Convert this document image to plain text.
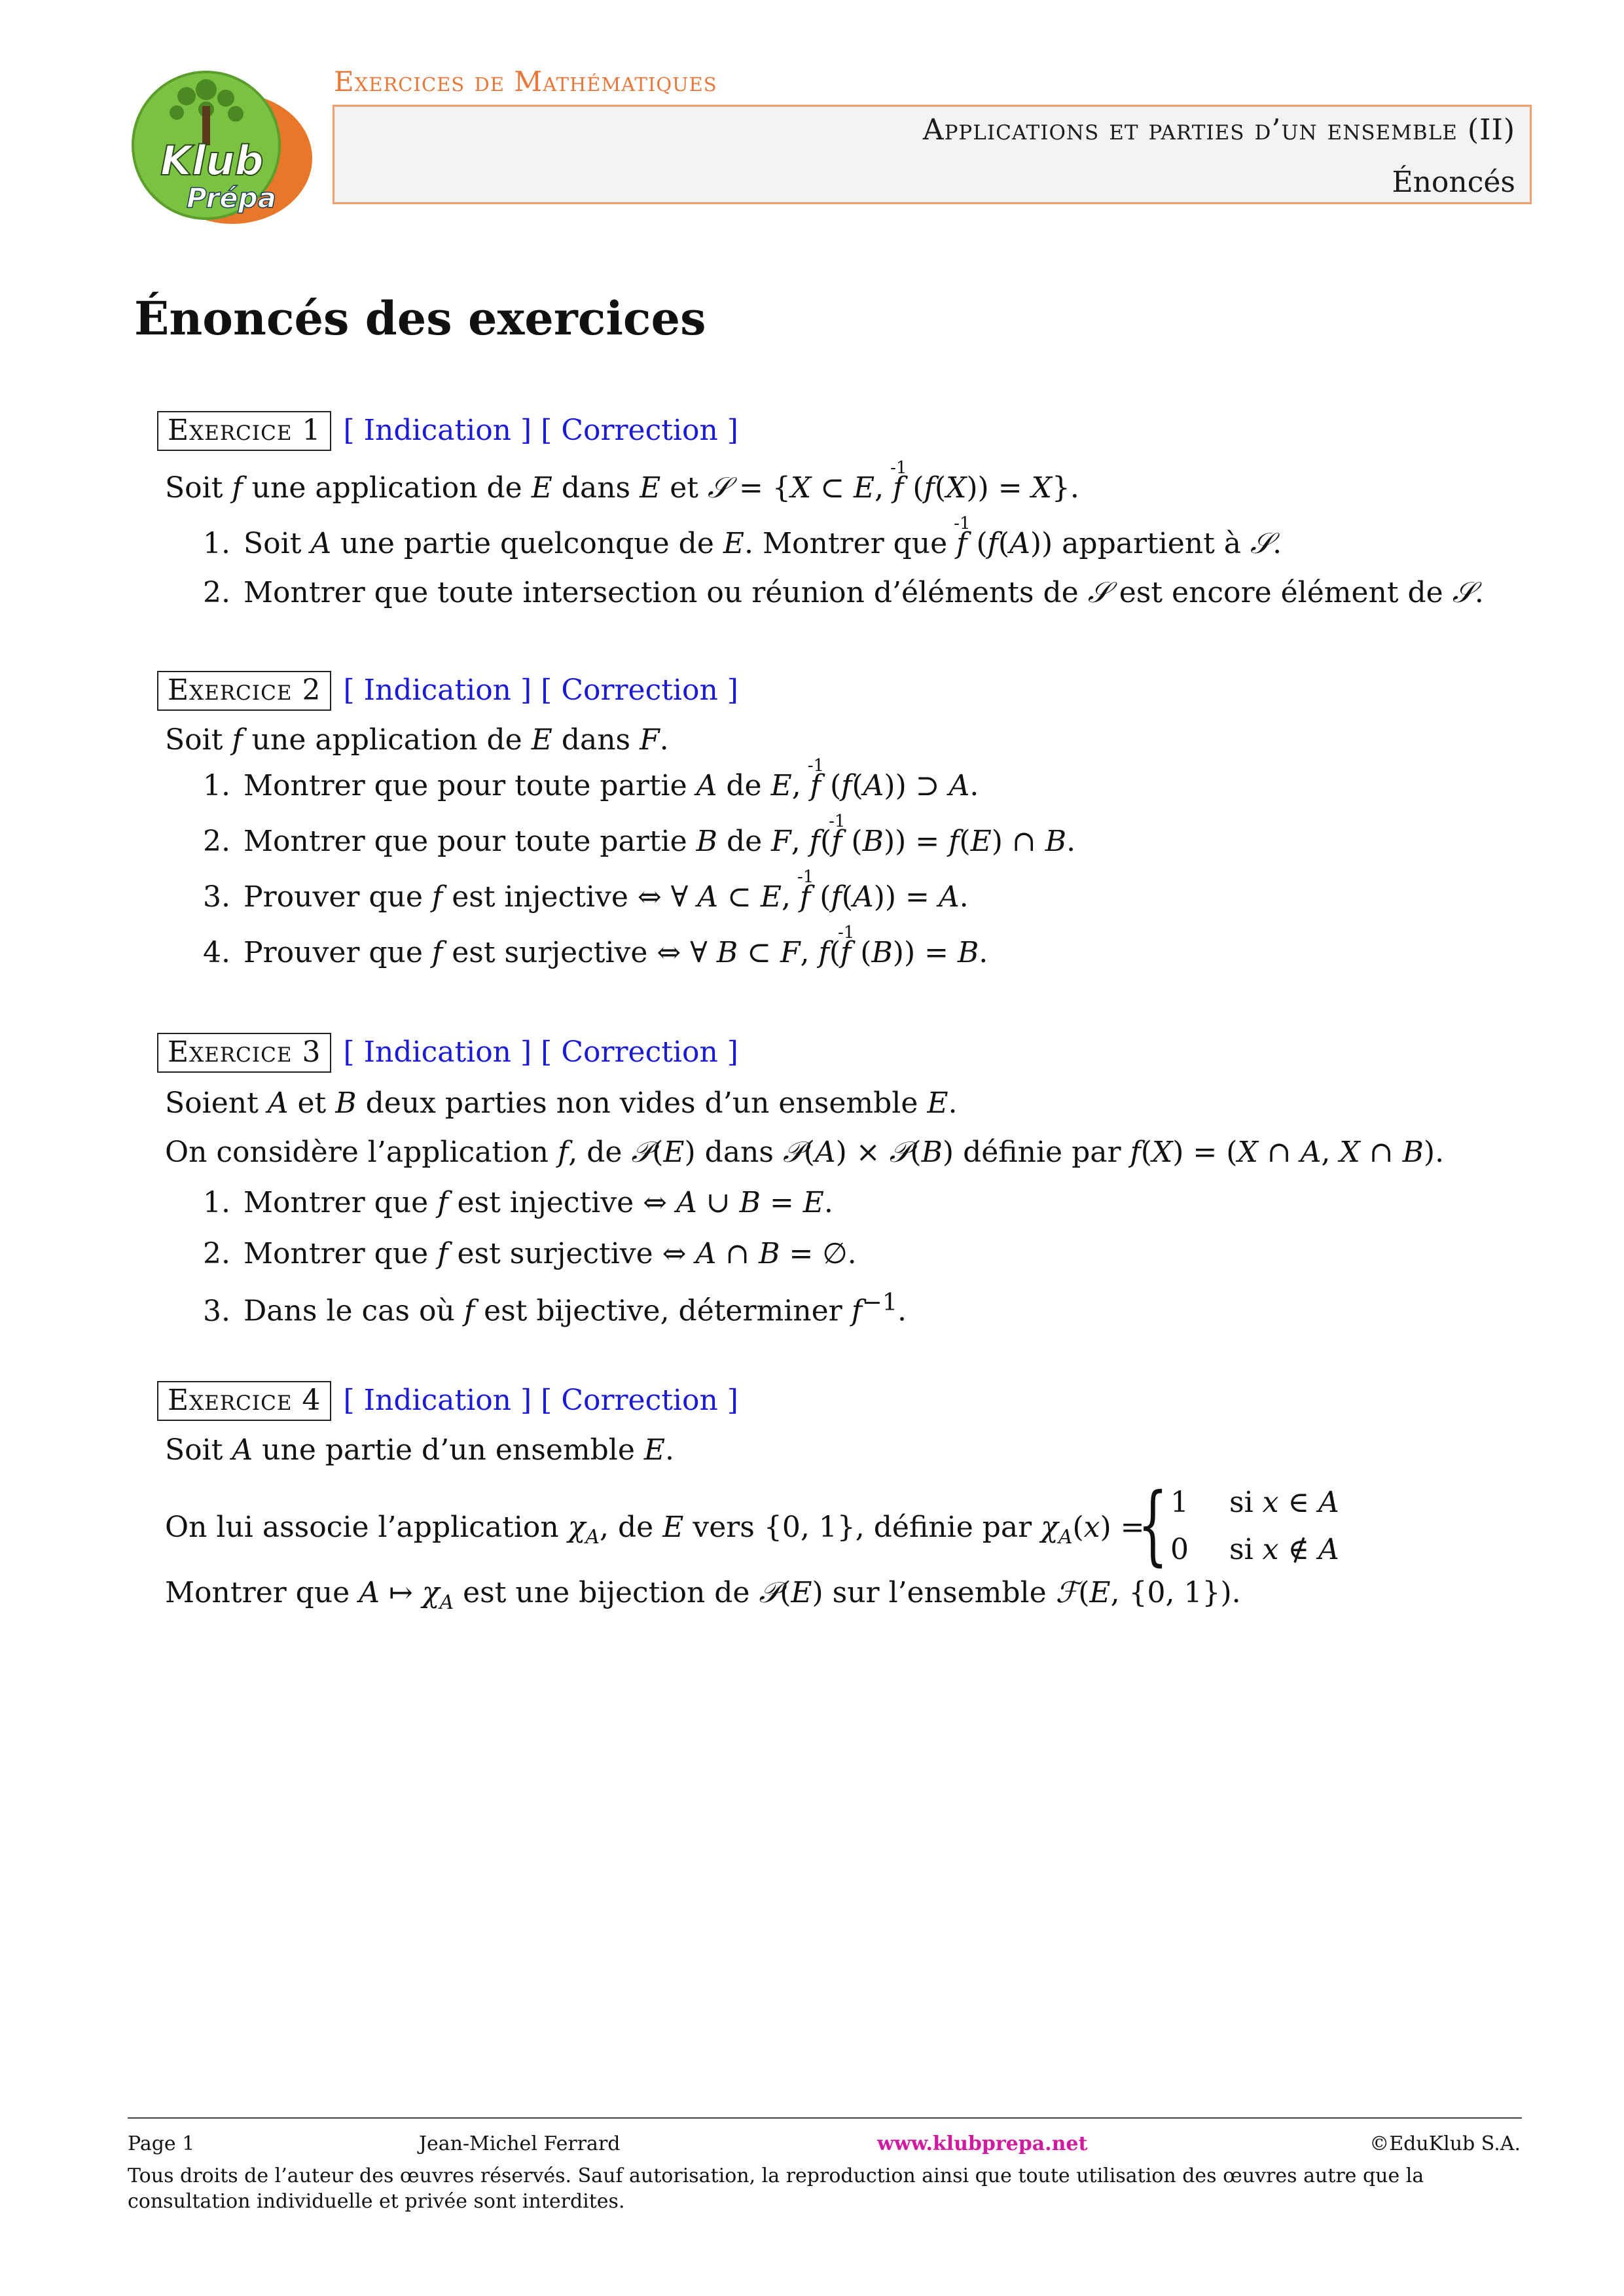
Klub
Prépa
Exercices de Mathématiques
Applications et parties d’un ensemble (II)
Énoncés
Énoncés des exercices
Exercice 1 [ Indication ] [ Correction ]
Soit f une application de E dans E et 𝒮 = {X ⊂ E, f
-1
(f(X)) = X}.
1. Soit A une partie quelconque de E. Montrer que f
-1
(f(A)) appartient à 𝒮.
2. Montrer que toute intersection ou réunion d’éléments de 𝒮 est encore élément de 𝒮.
Exercice 2 [ Indication ] [ Correction ]
Soit f une application de E dans F.
1. Montrer que pour toute partie A de E, f
-1
(f(A)) ⊃ A.
2. Montrer que pour toute partie B de F, f(f
-1
(B)) = f(E) ∩ B.
3. Prouver que f est injective ⇔ ∀ A ⊂ E, f
-1
(f(A)) = A.
4. Prouver que f est surjective ⇔ ∀ B ⊂ F, f(f
-1
(B)) = B.
Exercice 3 [ Indication ] [ Correction ]
Soient A et B deux parties non vides d’un ensemble E.
On considère l’application f, de 𝒫(E) dans 𝒫(A) × 𝒫(B) définie par f(X) = (X ∩ A, X ∩ B).
1. Montrer que f est injective ⇔ A ∪ B = E.
2. Montrer que f est surjective ⇔ A ∩ B = ∅.
3. Dans le cas où f est bijective, déterminer $f^{-1}$.
Exercice 4 [ Indication ] [ Correction ]
Soit A une partie d’un ensemble E.
On lui associe l’application $\chi_A$, de E vers {0, 1}, définie par $\chi_A(x)$ =
{ 1 si x ∈ A
0 si x ∉ A
Montrer que A ↦ $\chi_A$ est une bijection de 𝒫(E) sur l’ensemble ℱ(E, {0, 1}).
Page 1	Jean-Michel Ferrard	www.klubprepa.net	©EduKlub S.A.
Tous droits de l’auteur des œuvres réservés. Sauf autorisation, la reproduction ainsi que toute utilisation des œuvres autre que la consultation individuelle et privée sont interdites.
